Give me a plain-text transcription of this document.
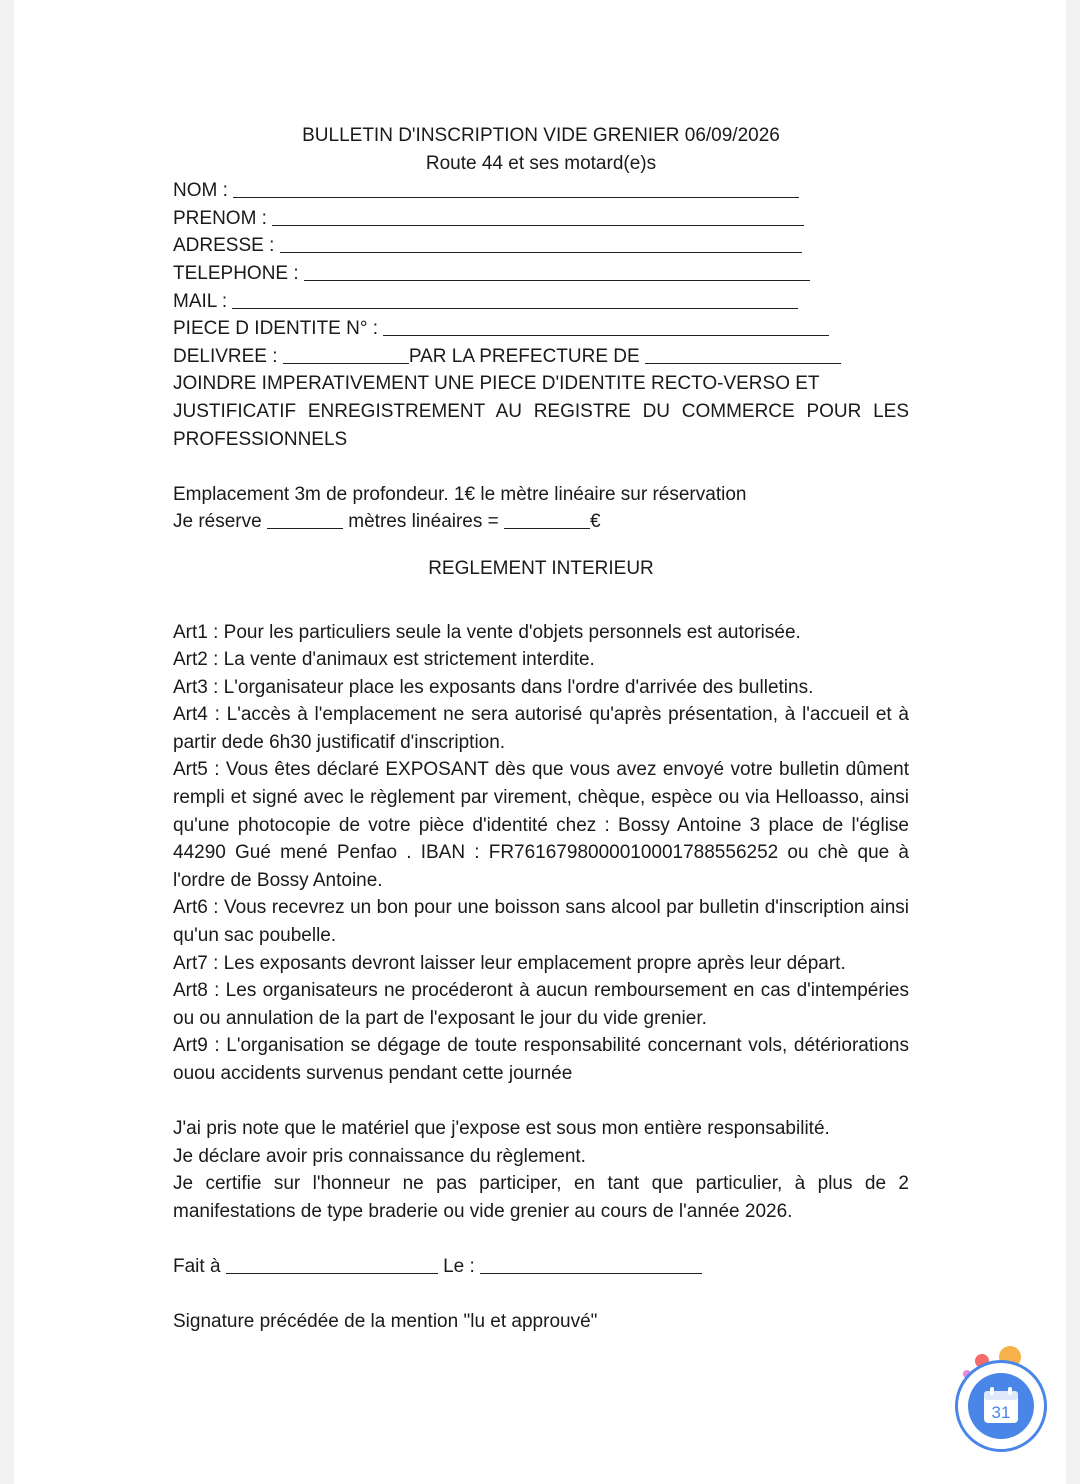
BULLETIN D'INSCRIPTION VIDE GRENIER 06/09/2026
Route 44 et ses motard(e)s
NOM :
PRENOM :
ADRESSE :
TELEPHONE :
MAIL :
PIECE D IDENTITE N° :
DELIVREE :	PAR LA PREFECTURE DE
JOINDRE IMPERATIVEMENT UNE PIECE D'IDENTITE RECTO-VERSO ET
JUSTIFICATIF ENREGISTREMENT AU REGISTRE DU COMMERCE POUR LES
PROFESSIONNELS
Emplacement 3m de profondeur. 1€ le mètre linéaire sur réservation
Je réserve	mètres linéaires =	€
REGLEMENT INTERIEUR
Art1 : Pour les particuliers seule la vente d'objets personnels est autorisée.
Art2 : La vente d'animaux est strictement interdite.
Art3 : L'organisateur place les exposants dans l'ordre d'arrivée des bulletins.
Art4 : L'accès à l'emplacement ne sera autorisé qu'après présentation, à l'accueil et à partir dede 6h30 justificatif d'inscription.
Art5 : Vous êtes déclaré EXPOSANT dès que vous avez envoyé votre bulletin dûment rempli et signé avec le règlement par virement, chèque, espèce ou via Helloasso, ainsi qu'une photocopie de votre pièce d'identité chez : Bossy Antoine 3 place de l'église 44290 Gué mené Penfao . IBAN : FR7616798000010001788556252 ou chè que à l'ordre de Bossy Antoine.
Art6 : Vous recevrez un bon pour une boisson sans alcool par bulletin d'inscription ainsi qu'un sac poubelle.
Art7 : Les exposants devront laisser leur emplacement propre après leur départ.
Art8 : Les organisateurs ne procéderont à aucun remboursement en cas d'intempéries ou ou annulation de la part de l'exposant le jour du vide grenier.
Art9 : L'organisation se dégage de toute responsabilité concernant vols, détériorations ouou accidents survenus pendant cette journée
J'ai pris note que le matériel que j'expose est sous mon entière responsabilité.
Je déclare avoir pris connaissance du règlement.
Je certifie sur l'honneur ne pas participer, en tant que particulier, à plus de 2 manifestations de type braderie ou vide grenier au cours de l'année 2026.
Fait à	Le :
Signature précédée de la mention "lu et approuvé"
31
